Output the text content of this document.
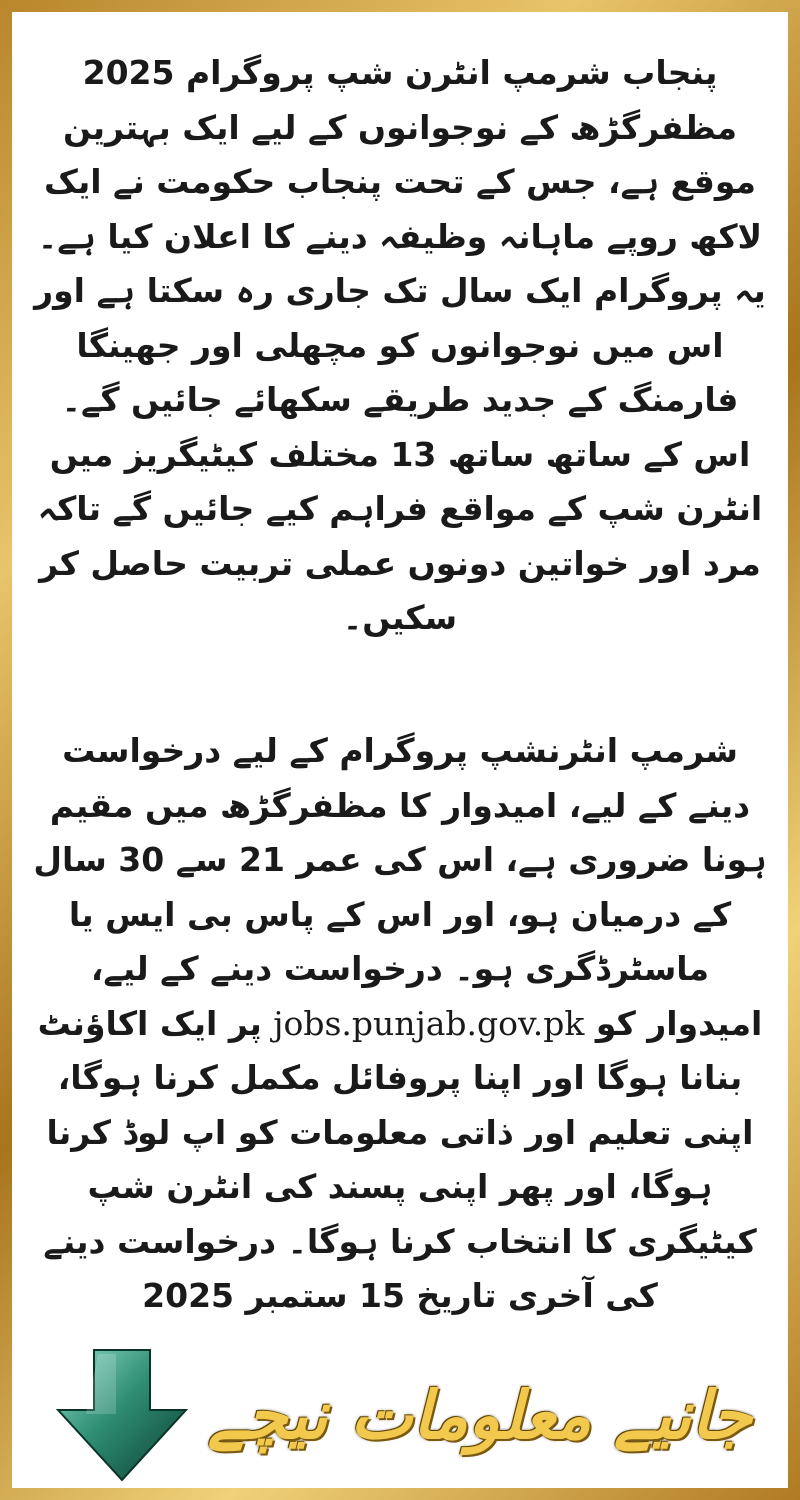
پنجاب شرمپ انٹرن شپ پروگرام 2025 مظفرگڑھ کے نوجوانوں کے لیے ایک بہترین موقع ہے، جس کے تحت پنجاب حکومت نے ایک لاکھ روپے ماہانہ وظیفہ دینے کا اعلان کیا ہے۔ یہ پروگرام ایک سال تک جاری رہ سکتا ہے اور اس میں نوجوانوں کو مچھلی اور جھینگا فارمنگ کے جدید طریقے سکھائے جائیں گے۔ اس کے ساتھ ساتھ 13 مختلف کیٹیگریز میں انٹرن شپ کے مواقع فراہم کیے جائیں گے تاکہ مرد اور خواتین دونوں عملی تربیت حاصل کر سکیں۔

شرمپ انٹرنشپ پروگرام کے لیے درخواست دینے کے لیے، امیدوار کا مظفرگڑھ میں مقیم ہونا ضروری ہے، اس کی عمر 21 سے 30 سال کے درمیان ہو، اور اس کے پاس بی ایس یا ماسٹرڈگری ہو۔ درخواست دینے کے لیے، امیدوار کو jobs.punjab.gov.pk پر ایک اکاؤنٹ بنانا ہوگا اور اپنا پروفائل مکمل کرنا ہوگا، اپنی تعلیم اور ذاتی معلومات کو اپ لوڈ کرنا ہوگا، اور پھر اپنی پسند کی انٹرن شپ کیٹیگری کا انتخاب کرنا ہوگا۔ درخواست دینے کی آخری تاریخ 15 ستمبر 2025

جانیے معلومات نیچے
